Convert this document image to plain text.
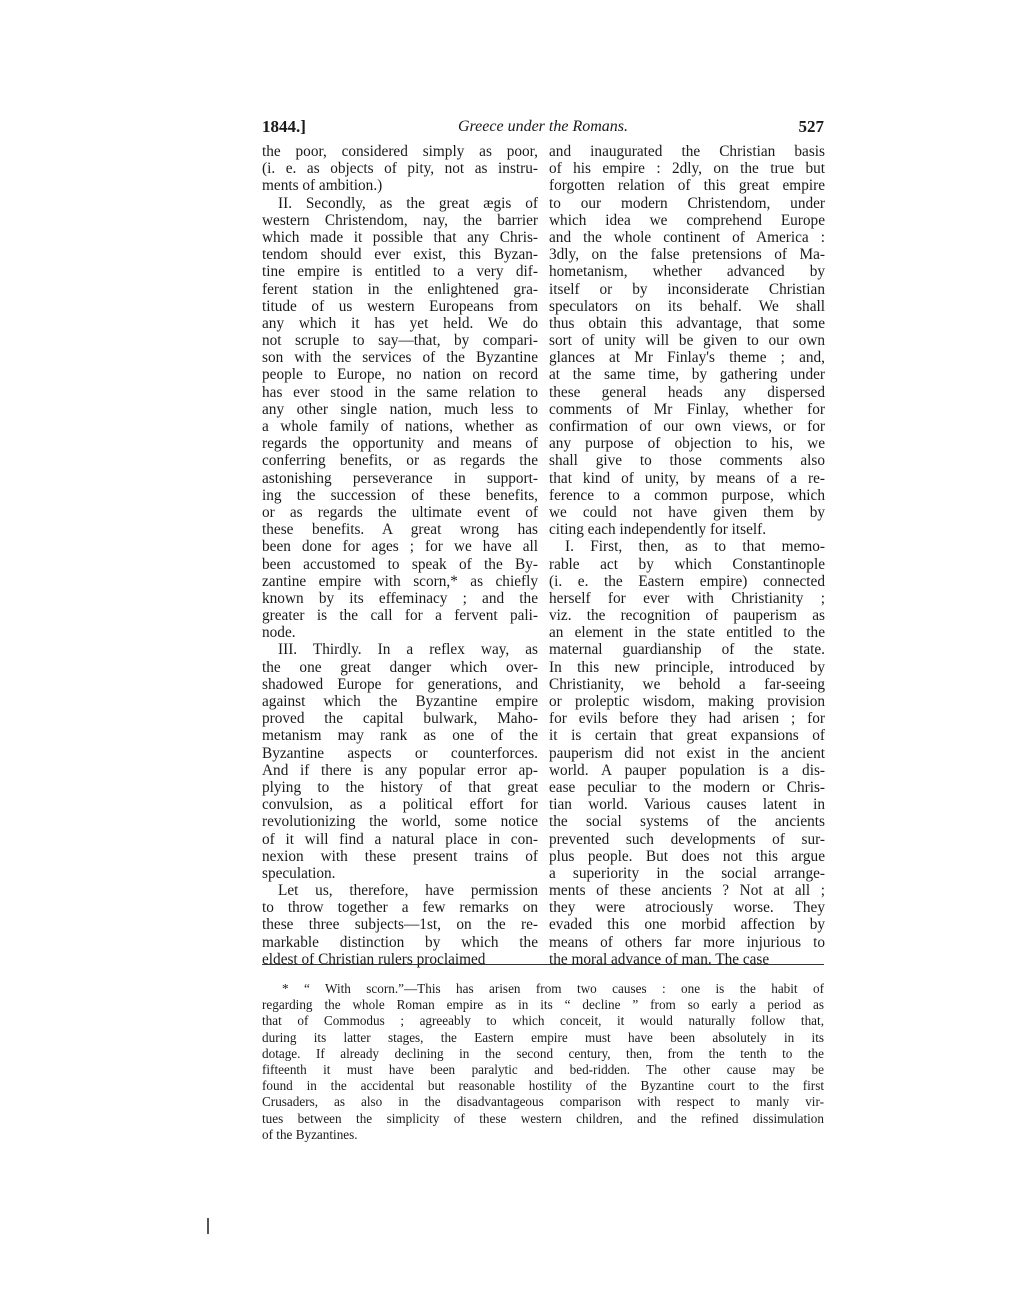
1844.]	Greece under the Romans.	527
the poor, considered simply as poor,
(i. e. as objects of pity, not as instru-
ments of ambition.)
II. Secondly, as the great ægis of
western Christendom, nay, the barrier
which made it possible that any Chris-
tendom should ever exist, this Byzan-
tine empire is entitled to a very dif-
ferent station in the enlightened gra-
titude of us western Europeans from
any which it has yet held. We do
not scruple to say—that, by compari-
son with the services of the Byzantine
people to Europe, no nation on record
has ever stood in the same relation to
any other single nation, much less to
a whole family of nations, whether as
regards the opportunity and means of
conferring benefits, or as regards the
astonishing perseverance in support-
ing the succession of these benefits,
or as regards the ultimate event of
these benefits. A great wrong has
been done for ages ; for we have all
been accustomed to speak of the By-
zantine empire with scorn,* as chiefly
known by its effeminacy ; and the
greater is the call for a fervent pali-
node.
III. Thirdly. In a reflex way, as
the one great danger which over-
shadowed Europe for generations, and
against which the Byzantine empire
proved the capital bulwark, Maho-
metanism may rank as one of the
Byzantine aspects or counterforces.
And if there is any popular error ap-
plying to the history of that great
convulsion, as a political effort for
revolutionizing the world, some notice
of it will find a natural place in con-
nexion with these present trains of
speculation.
Let us, therefore, have permission
to throw together a few remarks on
these three subjects—1st, on the re-
markable distinction by which the
eldest of Christian rulers proclaimed
and inaugurated the Christian basis
of his empire : 2dly, on the true but
forgotten relation of this great empire
to our modern Christendom, under
which idea we comprehend Europe
and the whole continent of America :
3dly, on the false pretensions of Ma-
hometanism, whether advanced by
itself or by inconsiderate Christian
speculators on its behalf. We shall
thus obtain this advantage, that some
sort of unity will be given to our own
glances at Mr Finlay's theme ; and,
at the same time, by gathering under
these general heads any dispersed
comments of Mr Finlay, whether for
confirmation of our own views, or for
any purpose of objection to his, we
shall give to those comments also
that kind of unity, by means of a re-
ference to a common purpose, which
we could not have given them by
citing each independently for itself.
I. First, then, as to that memo-
rable act by which Constantinople
(i. e. the Eastern empire) connected
herself for ever with Christianity ;
viz. the recognition of pauperism as
an element in the state entitled to the
maternal guardianship of the state.
In this new principle, introduced by
Christianity, we behold a far-seeing
or proleptic wisdom, making provision
for evils before they had arisen ; for
it is certain that great expansions of
pauperism did not exist in the ancient
world. A pauper population is a dis-
ease peculiar to the modern or Chris-
tian world. Various causes latent in
the social systems of the ancients
prevented such developments of sur-
plus people. But does not this argue
a superiority in the social arrange-
ments of these ancients ? Not at all ;
they were atrociously worse. They
evaded this one morbid affection by
means of others far more injurious to
the moral advance of man. The case
* “ With scorn.”—This has arisen from two causes : one is the habit of
regarding the whole Roman empire as in its “ decline ” from so early a period as
that of Commodus ; agreeably to which conceit, it would naturally follow that,
during its latter stages, the Eastern empire must have been absolutely in its
dotage. If already declining in the second century, then, from the tenth to the
fifteenth it must have been paralytic and bed-ridden. The other cause may be
found in the accidental but reasonable hostility of the Byzantine court to the first
Crusaders, as also in the disadvantageous comparison with respect to manly vir-
tues between the simplicity of these western children, and the refined dissimulation
of the Byzantines.
